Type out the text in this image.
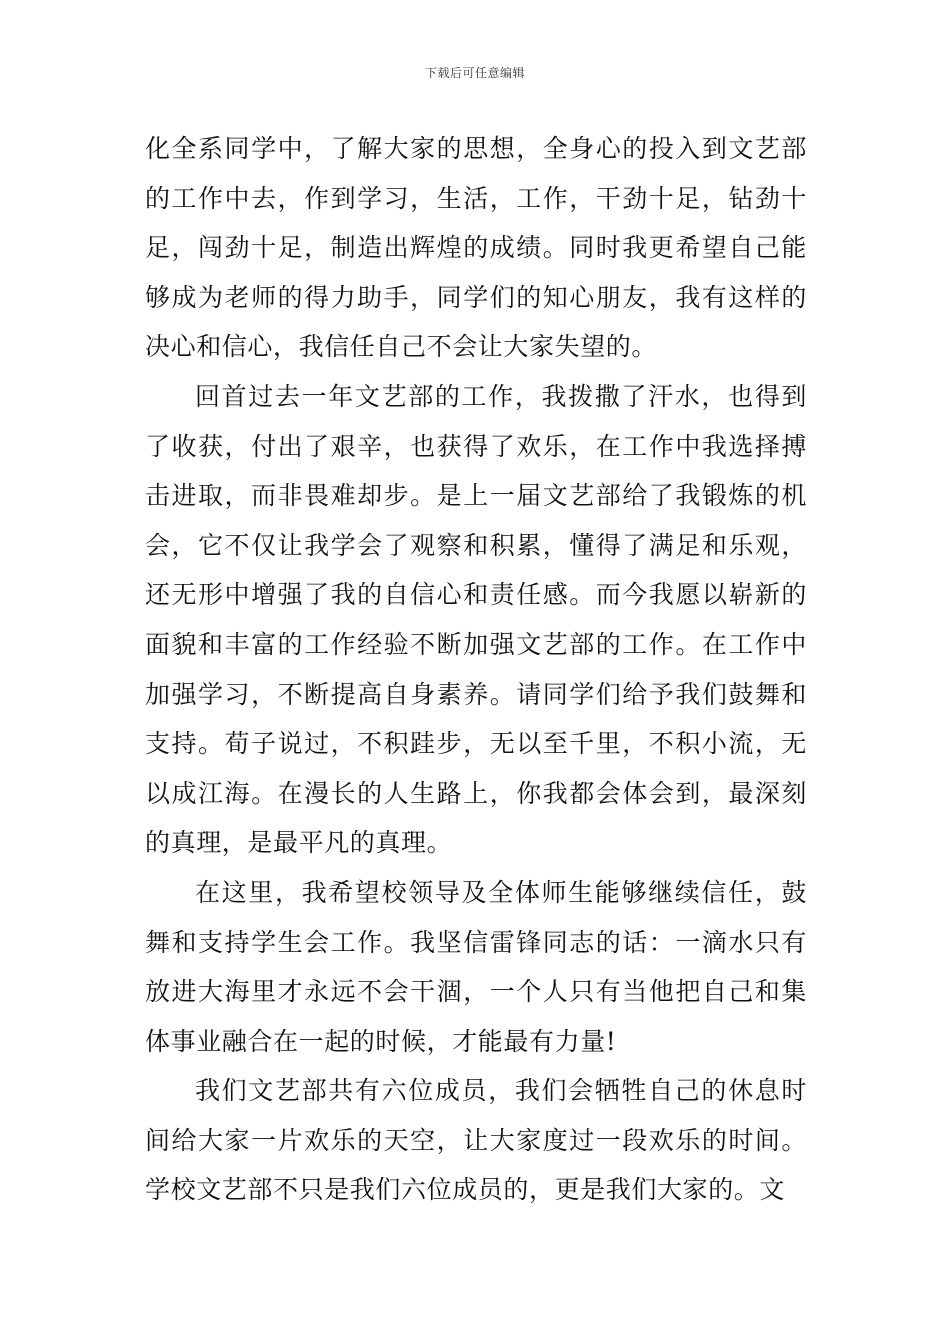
下载后可任意编辑

化全系同学中，了解大家的思想，全身心的投入到文艺部的工作中去，作到学习，生活，工作，干劲十足，钻劲十足，闯劲十足，制造出辉煌的成绩。同时我更希望自己能够成为老师的得力助手，同学们的知心朋友，我有这样的决心和信心，我信任自己不会让大家失望的。

回首过去一年文艺部的工作，我拨撒了汗水，也得到了收获，付出了艰辛，也获得了欢乐，在工作中我选择搏击进取，而非畏难却步。是上一届文艺部给了我锻炼的机会，它不仅让我学会了观察和积累，懂得了满足和乐观，还无形中增强了我的自信心和责任感。而今我愿以崭新的面貌和丰富的工作经验不断加强文艺部的工作。在工作中加强学习，不断提高自身素养。请同学们给予我们鼓舞和支持。荀子说过，不积跬步，无以至千里，不积小流，无以成江海。在漫长的人生路上，你我都会体会到，最深刻的真理，是最平凡的真理。

在这里，我希望校领导及全体师生能够继续信任，鼓舞和支持学生会工作。我坚信雷锋同志的话：一滴水只有放进大海里才永远不会干涸，一个人只有当他把自己和集体事业融合在一起的时候，才能最有力量!

我们文艺部共有六位成员，我们会牺牲自己的休息时间给大家一片欢乐的天空，让大家度过一段欢乐的时间。学校文艺部不只是我们六位成员的，更是我们大家的。文
